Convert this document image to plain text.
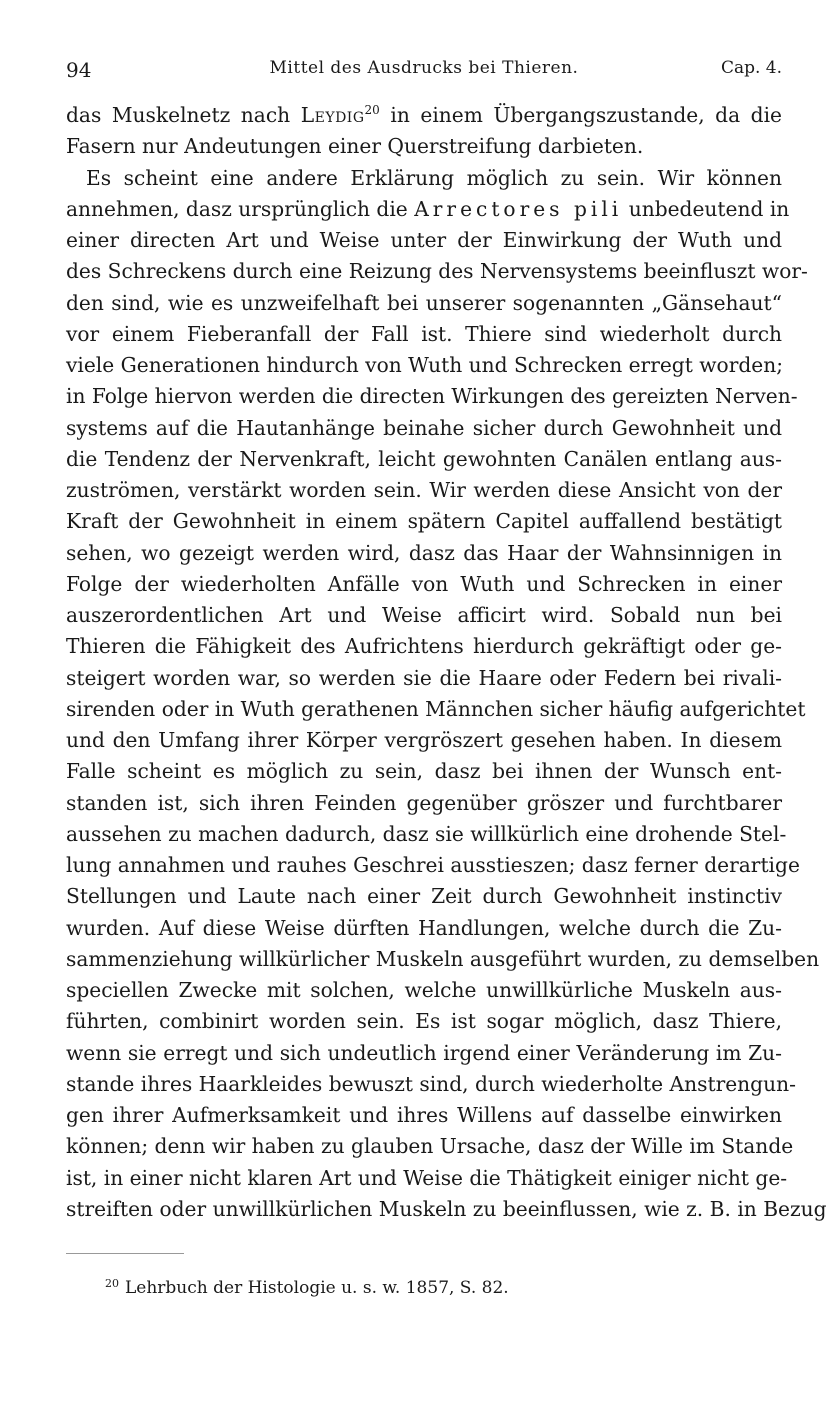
94	Mittel des Ausdrucks bei Thieren.	Cap. 4.
das Muskelnetz nach Leydig$^{20}$ in einem Übergangszustande, da die
Fasern nur Andeutungen einer Querstreifung darbieten.
Es scheint eine andere Erklärung möglich zu sein. Wir können
annehmen, dasz ursprünglich die Arrectores pili unbedeutend in
einer directen Art und Weise unter der Einwirkung der Wuth und
des Schreckens durch eine Reizung des Nervensystems beeinfluszt wor-
den sind, wie es unzweifelhaft bei unserer sogenannten „Gänsehaut“
vor einem Fieberanfall der Fall ist. Thiere sind wiederholt durch
viele Generationen hindurch von Wuth und Schrecken erregt worden;
in Folge hiervon werden die directen Wirkungen des gereizten Nerven-
systems auf die Hautanhänge beinahe sicher durch Gewohnheit und
die Tendenz der Nervenkraft, leicht gewohnten Canälen entlang aus-
zuströmen, verstärkt worden sein. Wir werden diese Ansicht von der
Kraft der Gewohnheit in einem spätern Capitel auffallend bestätigt
sehen, wo gezeigt werden wird, dasz das Haar der Wahnsinnigen in
Folge der wiederholten Anfälle von Wuth und Schrecken in einer
auszerordentlichen Art und Weise afficirt wird. Sobald nun bei
Thieren die Fähigkeit des Aufrichtens hierdurch gekräftigt oder ge-
steigert worden war, so werden sie die Haare oder Federn bei rivali-
sirenden oder in Wuth gerathenen Männchen sicher häufig aufgerichtet
und den Umfang ihrer Körper vergröszert gesehen haben. In diesem
Falle scheint es möglich zu sein, dasz bei ihnen der Wunsch ent-
standen ist, sich ihren Feinden gegenüber gröszer und furchtbarer
aussehen zu machen dadurch, dasz sie willkürlich eine drohende Stel-
lung annahmen und rauhes Geschrei ausstieszen; dasz ferner derartige
Stellungen und Laute nach einer Zeit durch Gewohnheit instinctiv
wurden. Auf diese Weise dürften Handlungen, welche durch die Zu-
sammenziehung willkürlicher Muskeln ausgeführt wurden, zu demselben
speciellen Zwecke mit solchen, welche unwillkürliche Muskeln aus-
führten, combinirt worden sein. Es ist sogar möglich, dasz Thiere,
wenn sie erregt und sich undeutlich irgend einer Veränderung im Zu-
stande ihres Haarkleides bewuszt sind, durch wiederholte Anstrengun-
gen ihrer Aufmerksamkeit und ihres Willens auf dasselbe einwirken
können; denn wir haben zu glauben Ursache, dasz der Wille im Stande
ist, in einer nicht klaren Art und Weise die Thätigkeit einiger nicht ge-
streiften oder unwillkürlichen Muskeln zu beeinflussen, wie z. B. in Bezug
$^{20}$ Lehrbuch der Histologie u. s. w. 1857, S. 82.
